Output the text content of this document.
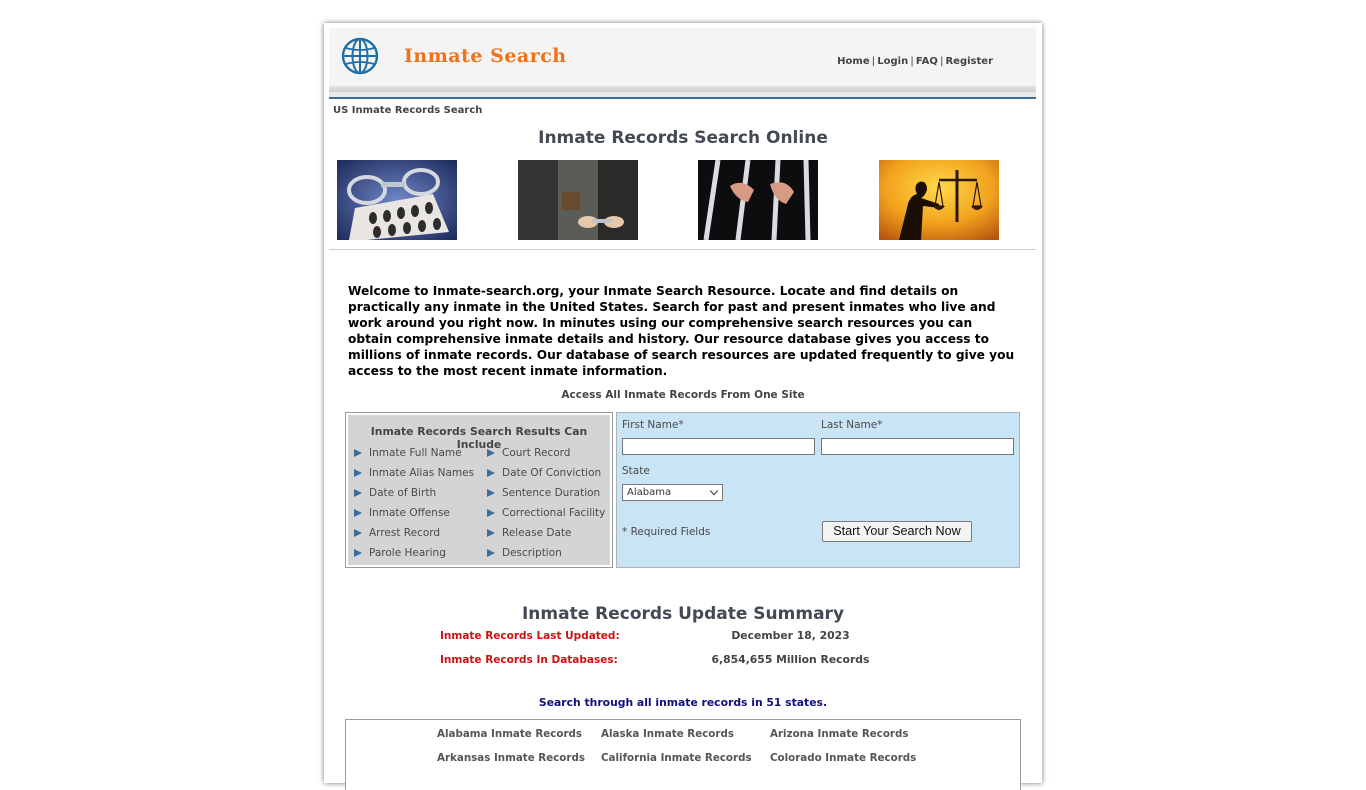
Inmate Search	Home | Login | FAQ | Register
US Inmate Records Search
Inmate Records Search Online
Welcome to Inmate-search.org, your Inmate Search Resource. Locate and find details on practically any inmate in the United States. Search for past and present inmates who live and work around you right now. In minutes using our comprehensive search resources you can obtain comprehensive inmate details and history. Our resource database gives you access to millions of inmate records. Our database of search resources are updated frequently to give you access to the most recent inmate information.
Access All Inmate Records From One Site
Inmate Records Search Results Can Include
Inmate Full Name
Inmate Alias Names
Date of Birth
Inmate Offense
Arrest Record
Parole Hearing
Court Record
Date Of Conviction
Sentence Duration
Correctional Facility
Release Date
Description
First Name*	Last Name*
State
Alabama
* Required Fields	Start Your Search Now
Inmate Records Update Summary
Inmate Records Last Updated:	December 18, 2023
Inmate Records In Databases:	6,854,655 Million Records
Search through all inmate records in 51 states.
Alabama Inmate Records Alaska Inmate Records	Arizona Inmate Records
Arkansas Inmate Records California Inmate Records Colorado Inmate Records
